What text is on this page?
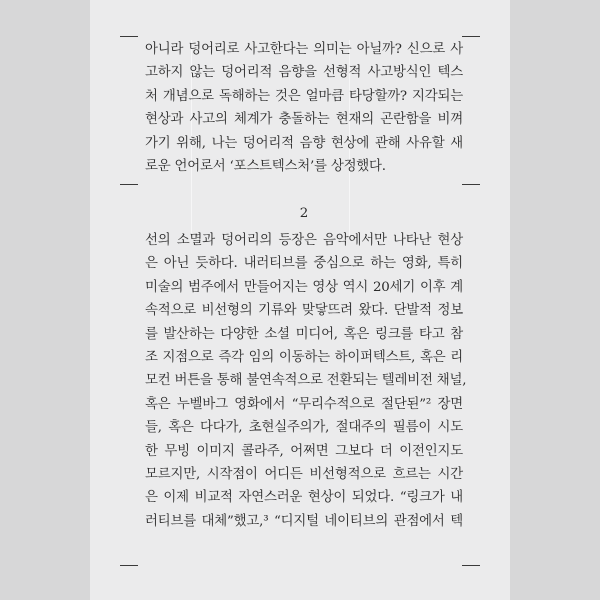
아니라 덩어리로 사고한다는 의미는 아닐까? 신으로 사
고하지 않는 덩어리적 음향을 선형적 사고방식인 텍스
처 개념으로 독해하는 것은 얼마큼 타당할까? 지각되는
현상과 사고의 체계가 충돌하는 현재의 곤란함을 비껴
가기 위해, 나는 덩어리적 음향 현상에 관해 사유할 새
로운 언어로서 ‘포스트텍스처’를 상정했다.
2
선의 소멸과 덩어리의 등장은 음악에서만 나타난 현상
은 아닌 듯하다. 내러티브를 중심으로 하는 영화, 특히
미술의 범주에서 만들어지는 영상 역시 20세기 이후 계
속적으로 비선형의 기류와 맞닿뜨려 왔다. 단발적 정보
를 발산하는 다양한 소셜 미디어, 혹은 링크를 타고 참
조 지점으로 즉각 임의 이동하는 하이퍼텍스트, 혹은 리
모컨 버튼을 통해 불연속적으로 전환되는 텔레비전 채널,
혹은 누벨바그 영화에서 “무리수적으로 절단된”² 장면
들, 혹은 다다가, 초현실주의가, 절대주의 필름이 시도
한 무빙 이미지 콜라주, 어쩌면 그보다 더 이전인지도
모르지만, 시작점이 어디든 비선형적으로 흐르는 시간
은 이제 비교적 자연스러운 현상이 되었다. “링크가 내
러티브를 대체”했고,³ “디지털 네이티브의 관점에서 텍
